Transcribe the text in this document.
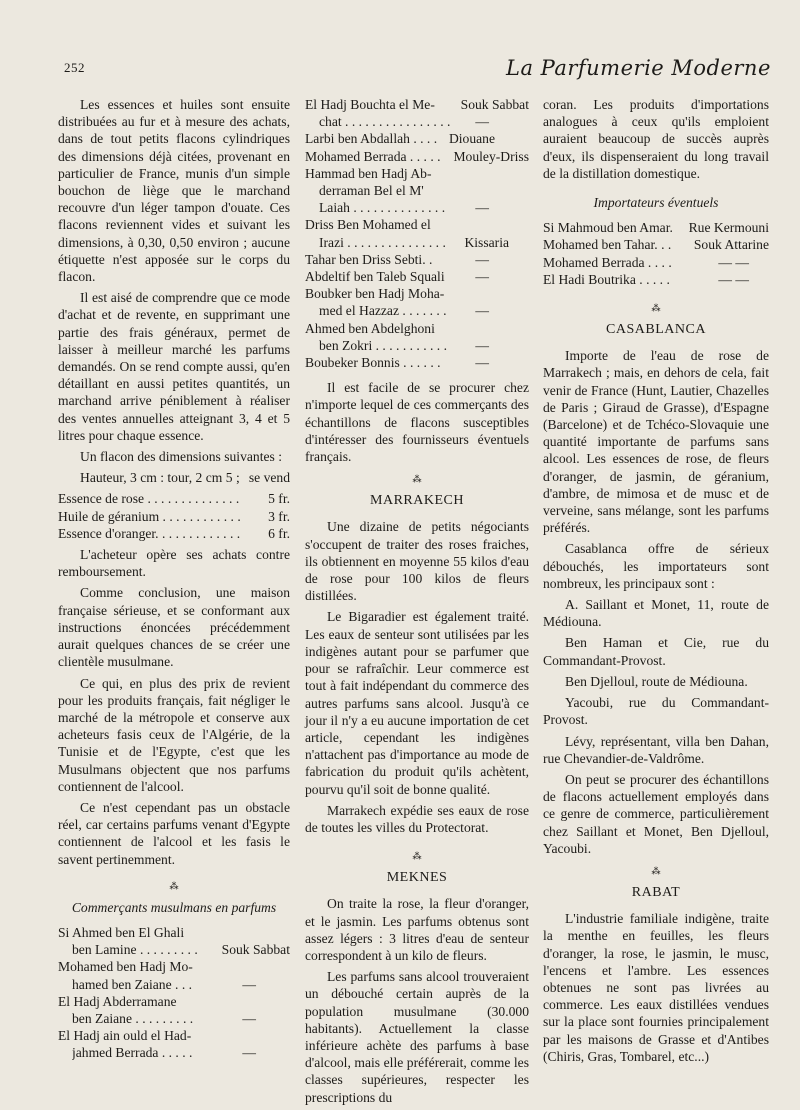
252	La Parfumerie Moderne

Les essences et huiles sont ensuite distribuées au fur et à mesure des achats, dans de tout petits flacons cylindriques des dimensions déjà citées, provenant en particulier de France, munis d'un simple bouchon de liège que le marchand recouvre d'un léger tampon d'ouate. Ces flacons reviennent vides et suivant les dimensions, à 0,30, 0,50 environ ; aucune étiquette n'est apposée sur le corps du flacon.

Il est aisé de comprendre que ce mode d'achat et de revente, en supprimant une partie des frais généraux, permet de laisser à meilleur marché les parfums demandés. On se rend compte aussi, qu'en détaillant en aussi petites quantités, un marchand arrive péniblement à réaliser des ventes annuelles atteignant 3, 4 et 5 litres pour chaque essence.

Un flacon des dimensions suivantes :

Hauteur, 3 cm : tour, 2 cm 5 ; se vend
Essence de rose . . . . . . . . . . . . . .	5 fr.
Huile de géranium . . . . . . . . . . . .	3 fr.
Essence d'oranger. . . . . . . . . . . . .	6 fr.

L'acheteur opère ses achats contre remboursement.

Comme conclusion, une maison française sérieuse, et se conformant aux instructions énoncées précédemment aurait quelques chances de se créer une clientèle musulmane.

Ce qui, en plus des prix de revient pour les produits français, fait négliger le marché de la métropole et conserve aux acheteurs fasis ceux de l'Algérie, de la Tunisie et de l'Egypte, c'est que les Musulmans objectent que nos parfums contiennent de l'alcool.

Ce n'est cependant pas un obstacle réel, car certains parfums venant d'Egypte contiennent de l'alcool et les fasis le savent pertinemment.

⁂
Commerçants musulmans en parfums
Si Ahmed ben El Ghali
ben Lamine . . . . . . . . .	Souk Sabbat
Mohamed ben Hadj Mo-
hamed ben Zaiane . . .	—
El Hadj Abderramane
ben Zaiane . . . . . . . . .	—
El Hadj ain ould el Had-
jahmed Berrada . . . . .	—
El Hadj Bouchta el Me-	Souk Sabbat
chat . . . . . . . . . . . . . . . .	—
Larbi ben Abdallah . . . . Diouane
Mohamed Berrada . . . . . Mouley-Driss
Hammad ben Hadj Ab-
derraman Bel el M'
Laiah . . . . . . . . . . . . . .	—
Driss Ben Mohamed el
Irazi . . . . . . . . . . . . . . .	Kissaria
Tahar ben Driss Sebti. .	—
Abdeltif ben Taleb Squali	—
Boubker ben Hadj Moha-
med el Hazzaz . . . . . . .	—
Ahmed ben Abdelghoni
ben Zokri . . . . . . . . . . .	—
Boubeker Bonnis . . . . . .	—

Il est facile de se procurer chez n'importe lequel de ces commerçants des échantillons de flacons susceptibles d'intéresser des fournisseurs éventuels français.

⁂
MARRAKECH

Une dizaine de petits négociants s'occupent de traiter des roses fraiches, ils obtiennent en moyenne 55 kilos d'eau de rose pour 100 kilos de fleurs distillées.

Le Bigaradier est également traité. Les eaux de senteur sont utilisées par les indigènes autant pour se parfumer que pour se rafraîchir. Leur commerce est tout à fait indépendant du commerce des autres parfums sans alcool. Jusqu'à ce jour il n'y a eu aucune importation de cet article, cependant les indigènes n'attachent pas d'importance au mode de fabrication du produit qu'ils achètent, pourvu qu'il soit de bonne qualité.

Marrakech expédie ses eaux de rose de toutes les villes du Protectorat.

⁂
MEKNES

On traite la rose, la fleur d'oranger, et le jasmin. Les parfums obtenus sont assez légers : 3 litres d'eau de senteur correspondent à un kilo de fleurs.

Les parfums sans alcool trouveraient un débouché certain auprès de la population musulmane (30.000 habitants). Actuellement la classe inférieure achète des parfums à base d'alcool, mais elle préférerait, comme les classes supérieures, respecter les prescriptions du

coran. Les produits d'importations analogues à ceux qu'ils emploient auraient beaucoup de succès auprès d'eux, ils dispenseraient du long travail de la distillation domestique.

Importateurs éventuels
Si Mahmoud ben Amar.	Rue Kermouni
Mohamed ben Tahar. . .	Souk Attarine
Mohamed Berrada . . . .	— —
El Hadi Boutrika . . . . .	— —
⁂
CASABLANCA

Importe de l'eau de rose de Marrakech ; mais, en dehors de cela, fait venir de France (Hunt, Lautier, Chazelles de Paris ; Giraud de Grasse), d'Espagne (Barcelone) et de Tchéco-Slovaquie une quantité importante de parfums sans alcool. Les essences de rose, de fleurs d'oranger, de jasmin, de géranium, d'ambre, de mimosa et de musc et de verveine, sans mélange, sont les parfums préférés.

Casablanca offre de sérieux débouchés, les importateurs sont nombreux, les principaux sont :

A. Saillant et Monet, 11, route de Médiouna.

Ben Haman et Cie, rue du Commandant-Provost.

Ben Djelloul, route de Médiouna.

Yacoubi, rue du Commandant-Provost.

Lévy, représentant, villa ben Dahan, rue Chevandier-de-Valdrôme.

On peut se procurer des échantillons de flacons actuellement employés dans ce genre de commerce, particulièrement chez Saillant et Monet, Ben Djelloul, Yacoubi.

⁂
RABAT

L'industrie familiale indigène, traite la menthe en feuilles, les fleurs d'oranger, la rose, le jasmin, le musc, l'encens et l'ambre. Les essences obtenues ne sont pas livrées au commerce. Les eaux distillées vendues sur la place sont fournies principalement par les maisons de Grasse et d'Antibes (Chiris, Gras, Tombarel, etc...)
